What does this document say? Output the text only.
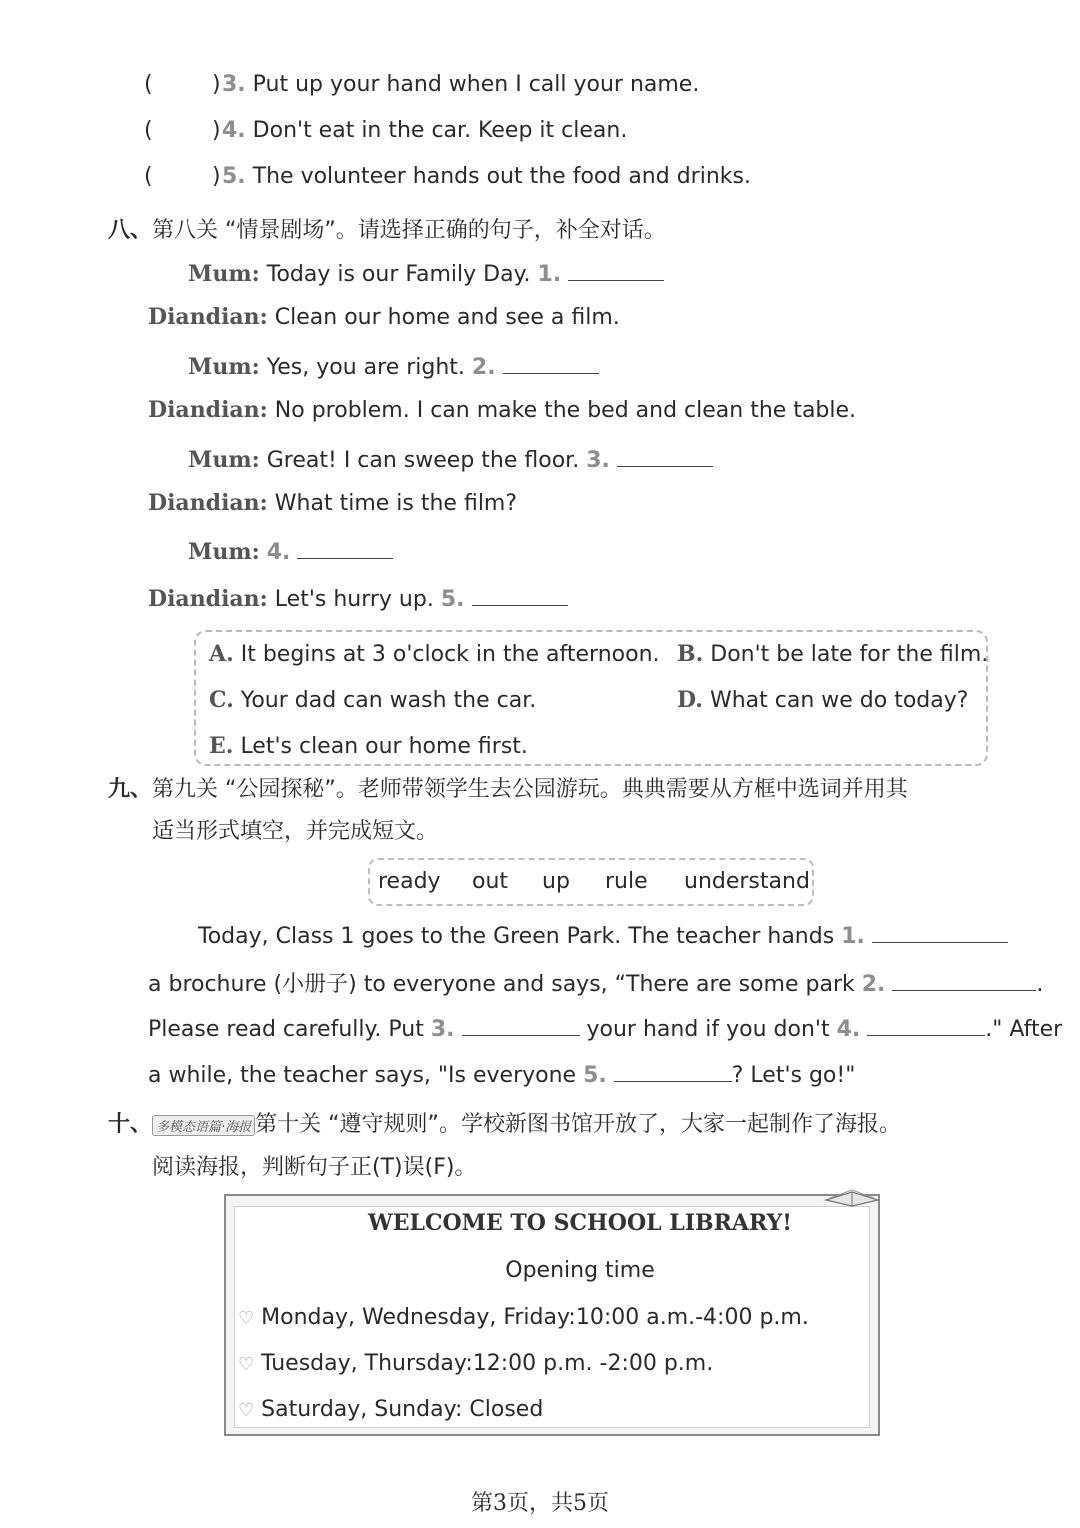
(	) 3. Put up your hand when I call your name.
(	) 4. Don't eat in the car. Keep it clean.
(	) 5. The volunteer hands out the food and drinks.
八、第八关 “情景剧场”。请选择正确的句子，补全对话。
Mum: Today is our Family Day. 1.
Diandian: Clean our home and see a film.
Mum: Yes, you are right. 2.
Diandian: No problem. I can make the bed and clean the table.
Mum: Great! I can sweep the floor. 3.
Diandian: What time is the film?
Mum: 4.
Diandian: Let's hurry up. 5.
A. It begins at 3 o'clock in the afternoon. B. Don't be late for the film.
C. Your dad can wash the car.	D. What can we do today?
E. Let's clean our home first.
九、第九关 “公园探秘”。老师带领学生去公园游玩。典典需要从方框中选词并用其
适当形式填空，并完成短文。
ready out up rule understand
Today, Class 1 goes to the Green Park. The teacher hands 1.
a brochure (小册子) to everyone and says, “There are some park 2.	.
Please read carefully. Put 3.	your hand if you don't 4.	." After
a while, the teacher says, "Is everyone 5.	? Let's go!"
十、 多模态语篇·海报 第十关 “遵守规则”。学校新图书馆开放了，大家一起制作了海报。
阅读海报，判断句子正(T)误(F)。
WELCOME TO SCHOOL LIBRARY!
Opening time
♡ Monday, Wednesday, Friday:10:00 a.m.-4:00 p.m.
♡ Tuesday, Thursday:12:00 p.m. -2:00 p.m.
♡ Saturday, Sunday: Closed
第3页，共5页
